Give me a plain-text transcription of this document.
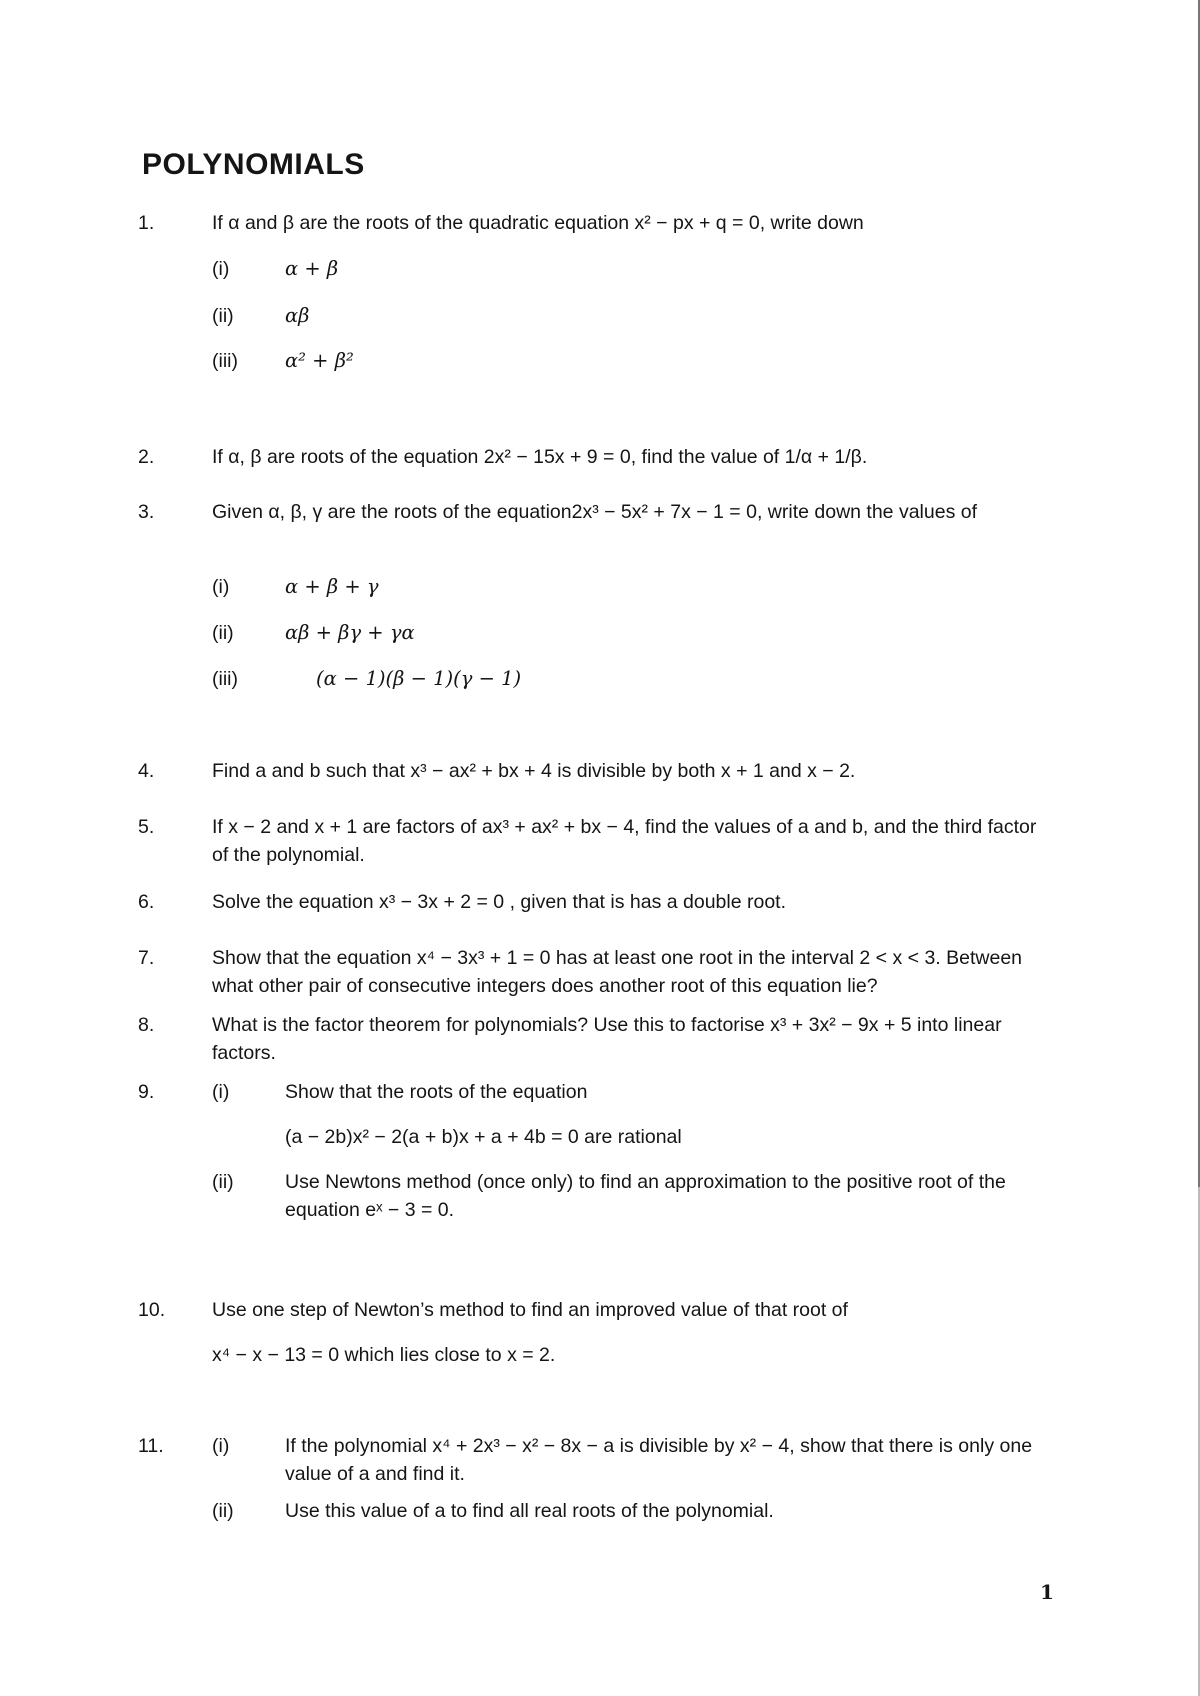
POLYNOMIALS
1.	If α and β are the roots of the quadratic equation x² − px + q = 0, write down
(i)	α + β
(ii)	αβ
(iii) α² + β²
2.	If α, β are roots of the equation 2x² − 15x + 9 = 0, find the value of 1/α + 1/β.
3.	Given α, β, γ are the roots of the equation2x³ − 5x² + 7x − 1 = 0, write down the values of
(i)	α + β + γ
(ii)	αβ + βγ + γα
(iii)	(α − 1)(β − 1)(γ − 1)
4.	Find a and b such that x³ − ax² + bx + 4 is divisible by both x + 1 and x − 2.
5.	If x − 2 and x + 1 are factors of ax³ + ax² + bx − 4, find the values of a and b, and the third factor of the polynomial.
6.	Solve the equation x³ − 3x + 2 = 0 , given that is has a double root.
7.	Show that the equation x⁴ − 3x³ + 1 = 0 has at least one root in the interval 2 < x < 3. Between what other pair of consecutive integers does another root of this equation lie?
8.	What is the factor theorem for polynomials? Use this to factorise x³ + 3x² − 9x + 5 into linear factors.
9.	(i)	Show that the roots of the equation
(a − 2b)x² − 2(a + b)x + a + 4b = 0 are rational
(ii)	Use Newtons method (once only) to find an approximation to the positive root of the equation eˣ − 3 = 0.
10. Use one step of Newton’s method to find an improved value of that root of
x⁴ − x − 13 = 0 which lies close to x = 2.
11. (i)	If the polynomial x⁴ + 2x³ − x² − 8x − a is divisible by x² − 4, show that there is only one value of a and find it.
(ii)	Use this value of a to find all real roots of the polynomial.
1
